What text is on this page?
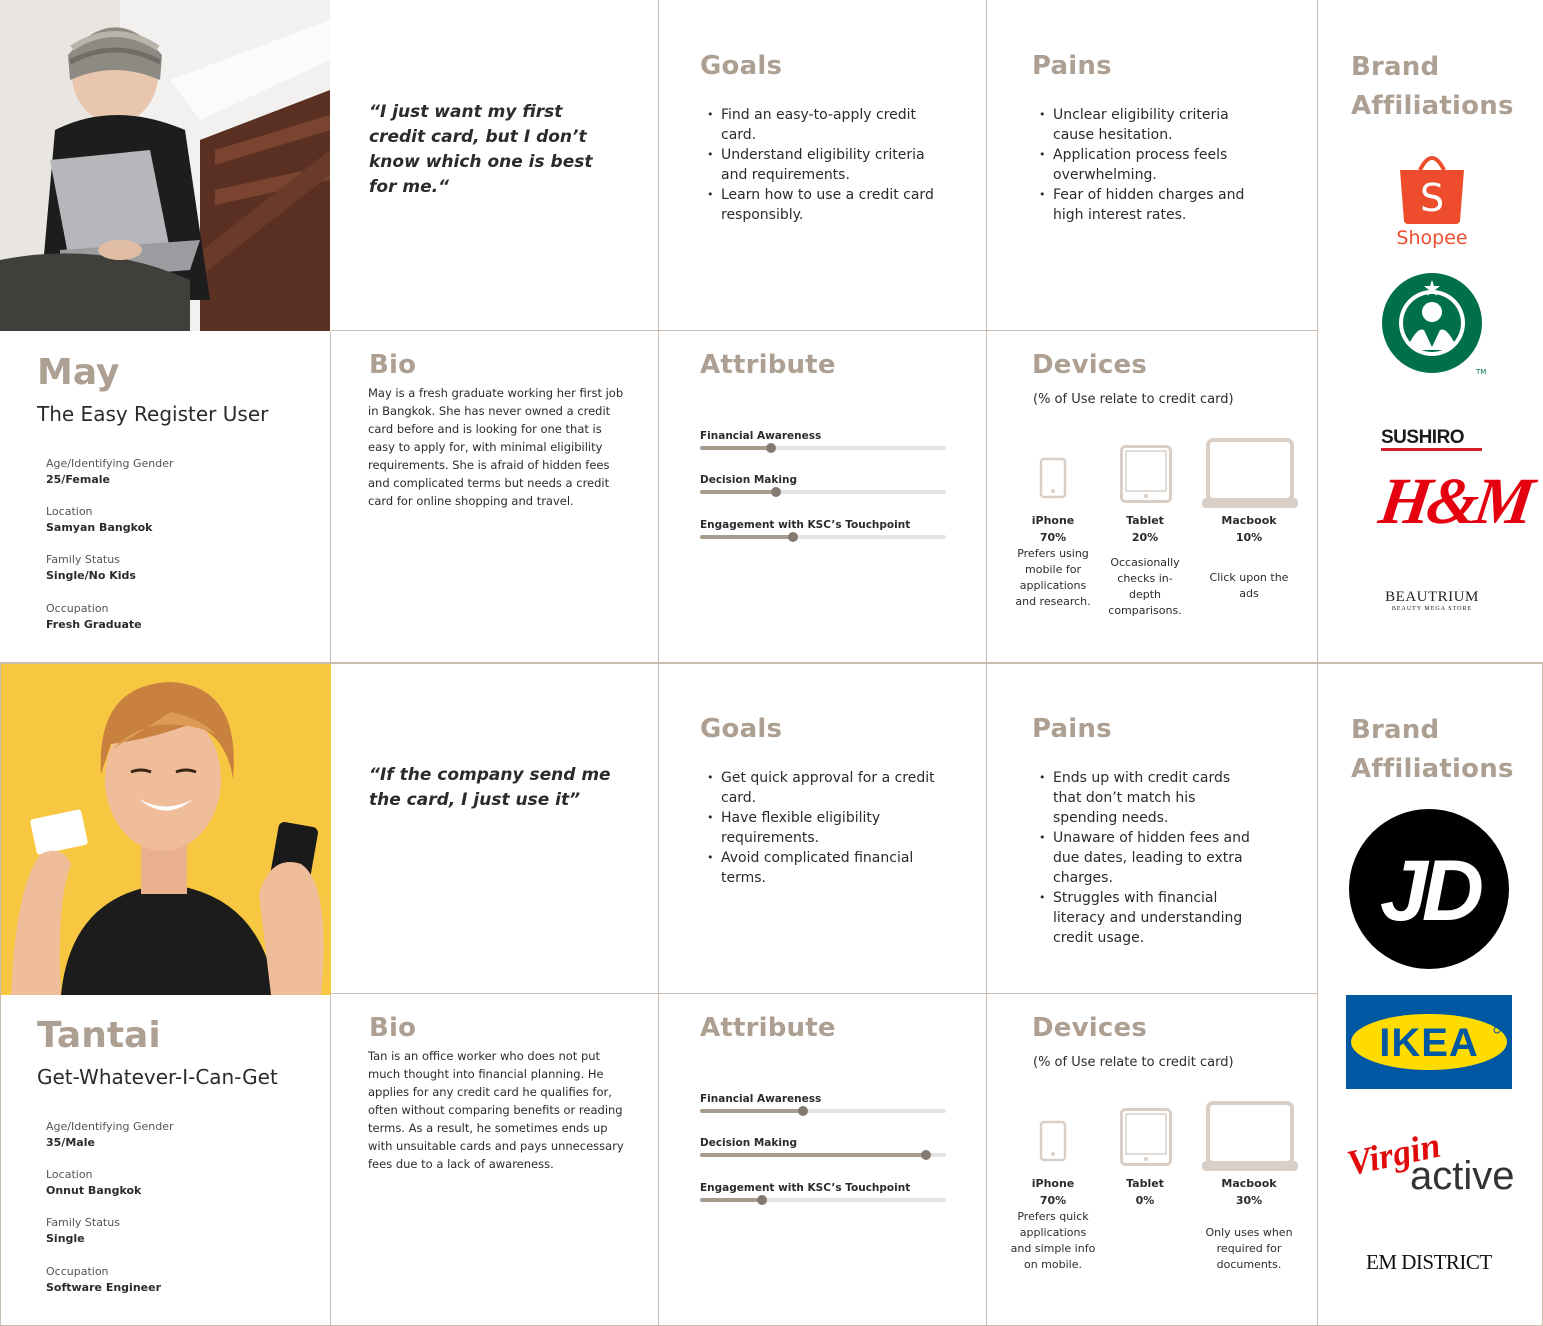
May
The Easy Register User
Age/Identifying Gender
25/Female
Location
Samyan Bangkok
Family Status
Single/No Kids
Occupation
Fresh Graduate
“I just want my first credit card, but I don’t know which one is best for me.“
Goals
• Find an easy-to-apply credit card.
• Understand eligibility criteria and requirements.
• Learn how to use a credit card responsibly.
Pains
• Unclear eligibility criteria cause hesitation.
• Application process feels overwhelming.
• Fear of hidden charges and high interest rates.
Brand Affiliations
S
Shopee
TM
SUSHIRO
H&M
BEAUTRIUM
BEAUTY MEGA STORE
Bio
May is a fresh graduate working her first job in Bangkok. She has never owned a credit card before and is looking for one that is easy to apply for, with minimal eligibility requirements. She is afraid of hidden fees and complicated terms but needs a credit card for online shopping and travel.
Attribute
Financial Awareness
Decision Making
Engagement with KSC’s Touchpoint
Devices
(% of Use relate to credit card)
iPhone
70%
Prefers using mobile for applications and research.
Tablet
20%
Occasionally checks in-depth comparisons.
Macbook
10%
Click upon the ads
Tantai
Get-Whatever-I-Can-Get
Age/Identifying Gender
35/Male
Location
Onnut Bangkok
Family Status
Single
Occupation
Software Engineer
“If the company send me the card, I just use it”
Goals
• Get quick approval for a credit card.
• Have flexible eligibility requirements.
• Avoid complicated financial terms.
Pains
• Ends up with credit cards that don’t match his spending needs.
• Unaware of hidden fees and due dates, leading to extra charges.
• Struggles with financial literacy and understanding credit usage.
Brand Affiliations
JD
IKEA
Virgin
active
EM DISTRICT
Bio
Tan is an office worker who does not put much thought into financial planning. He applies for any credit card he qualifies for, often without comparing benefits or reading terms. As a result, he sometimes ends up with unsuitable cards and pays unnecessary fees due to a lack of awareness.
Attribute
Financial Awareness
Decision Making
Engagement with KSC’s Touchpoint
Devices
(% of Use relate to credit card)
iPhone
70%
Prefers quick applications and simple info on mobile.
Tablet
0%
Macbook
30%
Only uses when required for documents.
